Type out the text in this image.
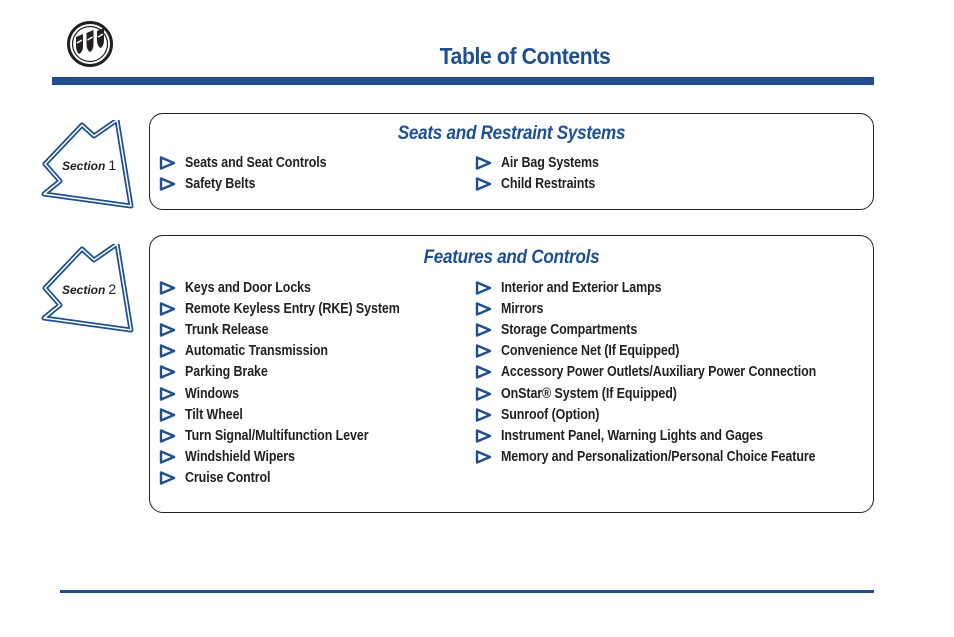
Table of Contents
Section 1
Seats and Restraint Systems
Seats and Seat Controls
Safety Belts
Air Bag Systems
Child Restraints
Section 2
Features and Controls
Keys and Door Locks
Remote Keyless Entry (RKE) System
Trunk Release
Automatic Transmission
Parking Brake
Windows
Tilt Wheel
Turn Signal/Multifunction Lever
Windshield Wipers
Cruise Control
Interior and Exterior Lamps
Mirrors
Storage Compartments
Convenience Net (If Equipped)
Accessory Power Outlets/Auxiliary Power Connection
OnStar® System (If Equipped)
Sunroof (Option)
Instrument Panel, Warning Lights and Gages
Memory and Personalization/Personal Choice Feature
